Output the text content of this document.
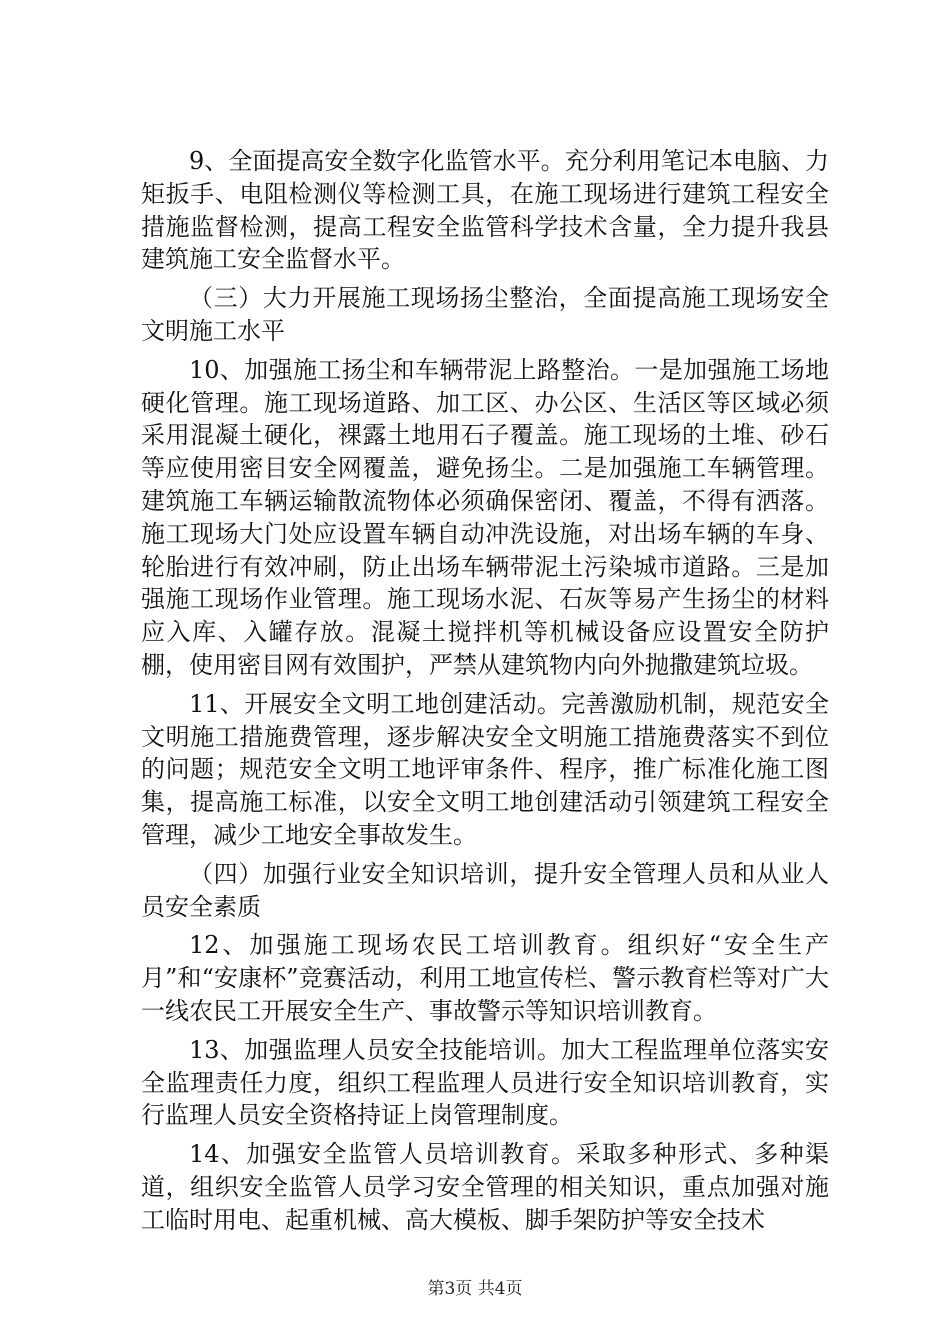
9、全面提高安全数字化监管水平。充分利用笔记本电脑、力矩扳手、电阻检测仪等检测工具，在施工现场进行建筑工程安全措施监督检测，提高工程安全监管科学技术含量，全力提升我县建筑施工安全监督水平。

（三）大力开展施工现场扬尘整治，全面提高施工现场安全文明施工水平

10、加强施工扬尘和车辆带泥上路整治。一是加强施工场地硬化管理。施工现场道路、加工区、办公区、生活区等区域必须采用混凝土硬化，裸露土地用石子覆盖。施工现场的土堆、砂石等应使用密目安全网覆盖，避免扬尘。二是加强施工车辆管理。建筑施工车辆运输散流物体必须确保密闭、覆盖，不得有洒落。施工现场大门处应设置车辆自动冲洗设施，对出场车辆的车身、轮胎进行有效冲刷，防止出场车辆带泥土污染城市道路。三是加强施工现场作业管理。施工现场水泥、石灰等易产生扬尘的材料应入库、入罐存放。混凝土搅拌机等机械设备应设置安全防护棚，使用密目网有效围护，严禁从建筑物内向外抛撒建筑垃圾。

11、开展安全文明工地创建活动。完善激励机制，规范安全文明施工措施费管理，逐步解决安全文明施工措施费落实不到位的问题；规范安全文明工地评审条件、程序，推广标准化施工图集，提高施工标准，以安全文明工地创建活动引领建筑工程安全管理，减少工地安全事故发生。

（四）加强行业安全知识培训，提升安全管理人员和从业人员安全素质

12、加强施工现场农民工培训教育。组织好“安全生产月”和“安康杯”竞赛活动，利用工地宣传栏、警示教育栏等对广大一线农民工开展安全生产、事故警示等知识培训教育。

13、加强监理人员安全技能培训。加大工程监理单位落实安全监理责任力度，组织工程监理人员进行安全知识培训教育，实行监理人员安全资格持证上岗管理制度。

14、加强安全监管人员培训教育。采取多种形式、多种渠道，组织安全监管人员学习安全管理的相关知识，重点加强对施工临时用电、起重机械、高大模板、脚手架防护等安全技术

第3页 共4页
